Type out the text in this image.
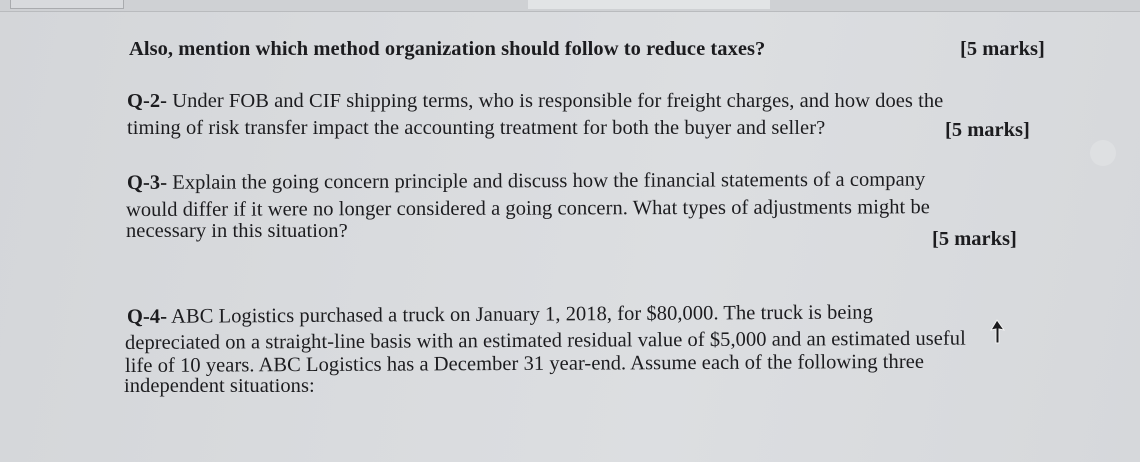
Also, mention which method organization should follow to reduce taxes?	[5 marks]
Q-2- Under FOB and CIF shipping terms, who is responsible for freight charges, and how does the
timing of risk transfer impact the accounting treatment for both the buyer and seller?	[5 marks]
Q-3- Explain the going concern principle and discuss how the financial statements of a company
would differ if it were no longer considered a going concern. What types of adjustments might be
necessary in this situation?	[5 marks]
Q-4- ABC Logistics purchased a truck on January 1, 2018, for $80,000. The truck is being
depreciated on a straight-line basis with an estimated residual value of $5,000 and an estimated useful
life of 10 years. ABC Logistics has a December 31 year-end. Assume each of the following three
independent situations:
